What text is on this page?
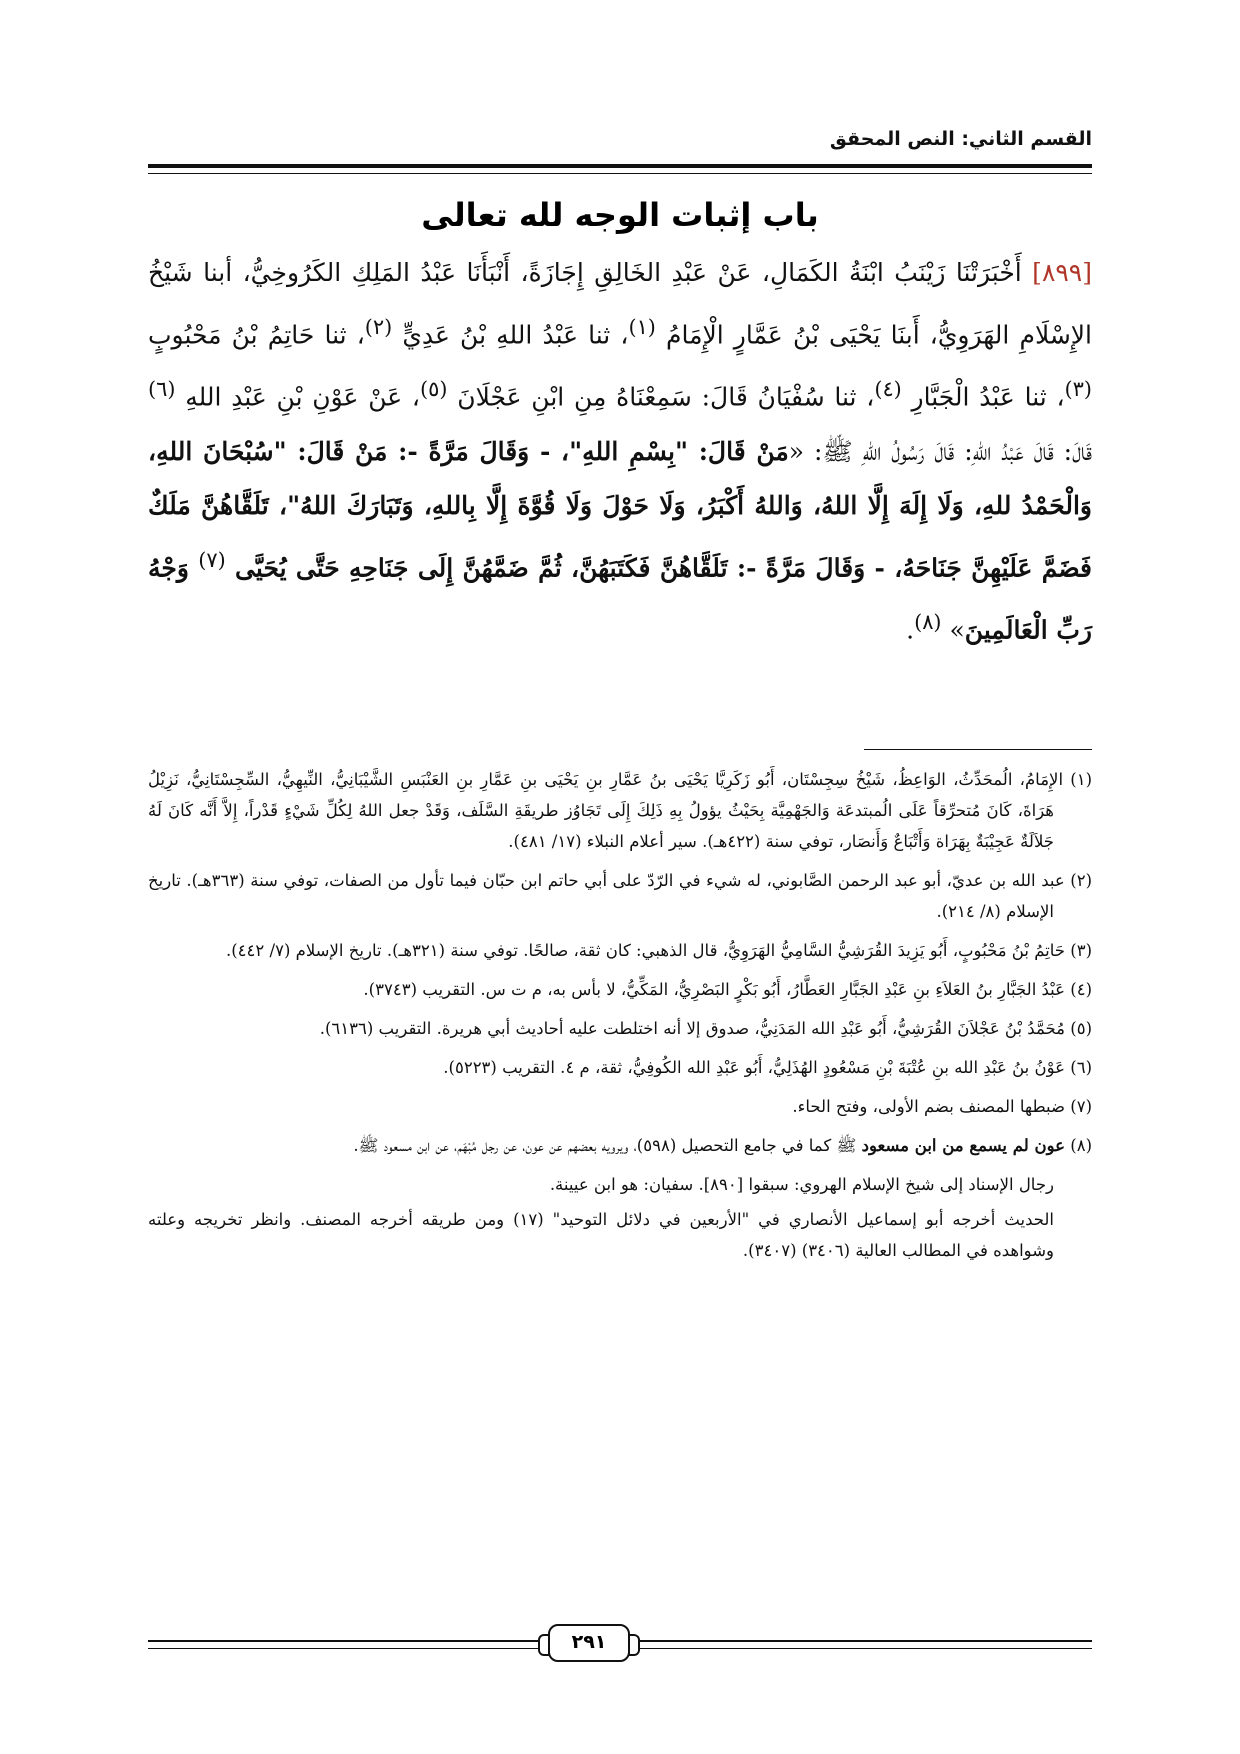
القسم الثاني: النص المحقق
باب إثبات الوجه لله تعالى
[٨٩٩] أَخْبَرَتْنَا زَيْنَبُ ابْنَةُ الكَمَالِ، عَنْ عَبْدِ الخَالِقِ إِجَازَةً، أَنْبَأَنَا عَبْدُ المَلِكِ الكَرُوخِيُّ، أبنا شَيْخُ الإِسْلَامِ الهَرَوِيُّ، أَبنَا يَحْيَى بْنُ عَمَّارٍ الْإِمَامُ $^{(١)}$، ثنا عَبْدُ اللهِ بْنُ عَدِيٍّ $^{(٢)}$، ثنا حَاتِمُ بْنُ مَحْبُوبٍ $^{(٣)}$، ثنا عَبْدُ الْجَبَّارِ $^{(٤)}$، ثنا سُفْيَانُ قَالَ: سَمِعْنَاهُ مِنِ ابْنِ عَجْلَانَ $^{(٥)}$، عَنْ عَوْنِ بْنِ عَبْدِ اللهِ $^{(٦)}$ قَالَ: قَالَ عَبْدُ اللهِ: قَالَ رَسُولُ اللهِ ﷺ: «مَنْ قَالَ: "بِسْمِ اللهِ"، - وَقَالَ مَرَّةً -: مَنْ قَالَ: "سُبْحَانَ اللهِ، وَالْحَمْدُ للهِ، وَلَا إِلَهَ إِلَّا اللهُ، وَاللهُ أَكْبَرُ، وَلَا حَوْلَ وَلَا قُوَّةَ إِلَّا بِاللهِ، وَتَبَارَكَ اللهُ"، تَلَقَّاهُنَّ مَلَكٌ فَضَمَّ عَلَيْهِنَّ جَنَاحَهُ، - وَقَالَ مَرَّةً -: تَلَقَّاهُنَّ فَكَتَبَهُنَّ، ثُمَّ ضَمَّهُنَّ إِلَى جَنَاحِهِ حَتَّى يُحَيَّى $^{(٧)}$ وَجْهُ رَبِّ الْعَالَمِينَ» $^{(٨)}$.

(١) الإِمَامُ، الُمحَدِّثُ، الوَاعِظُ، شَيْخُ سِجِسْتَان، أَبُو زَكَرِيَّا يَحْيَى بنُ عَمَّارِ بنِ يَحْيَى بنِ عَمَّارِ بنِ العَنْبَسِ الشَّيْبَانِيُّ، النِّيهِيُّ، السِّجِسْتَانِيُّ، نَزِيْلُ هَرَاةَ، كَانَ مُتحرِّقاً عَلَى الُمبتدعَة وَالجَهْمِيَّة بِحَيْثُ يؤولُ بِهِ ذَلِكَ إِلَى تَجَاوُز طريقَةِ السَّلَف، وَقَدْ جعل اللهُ لِكُلِّ شَيْءٍ قَدْراً، إِلاَّ أَنَّه كَانَ لَهُ جَلاَلَةٌ عَجِيْبَةٌ بِهَرَاة وَأَتْبَاعٌ وَأَنصَار، توفي سنة (٤٢٢هـ). سير أعلام النبلاء (١٧/ ٤٨١).

(٢) عبد الله بن عديّ، أبو عبد الرحمن الصَّابوني، له شيء في الرّدّ على أبي حاتم ابن حبّان فيما تأول من الصفات، توفي سنة (٣٦٣هـ). تاريخ الإسلام (٨/ ٢١٤).

(٣) حَاتِمُ بْنُ مَحْبُوبٍ، أَبُو يَزِيدَ القُرَشِيُّ السَّامِيُّ الهَرَوِيُّ، قال الذهبي: كان ثقة، صالحًا. توفي سنة (٣٢١هـ). تاريخ الإسلام (٧/ ٤٤٢).

(٤) عَبْدُ الجَبَّارِ بنُ العَلاَءِ بنِ عَبْدِ الجَبَّارِ العَطَّارُ، أَبُو بَكْرٍ البَصْرِيُّ، المَكِّيُّ، لا بأس به، م ت س. التقريب (٣٧٤٣).

(٥) مُحَمَّدُ بْنُ عَجْلاَنَ القُرَشِيُّ، أَبُو عَبْدِ الله المَدَنِيُّ، صدوق إلا أنه اختلطت عليه أحاديث أبي هريرة. التقريب (٦١٣٦).

(٦) عَوْنُ بنُ عَبْدِ الله بنِ عُتْبَةَ بْنِ مَسْعُودٍ الهُذَلِيُّ، أَبُو عَبْدِ الله الكُوفِيُّ، ثقة، م ٤. التقريب (٥٢٢٣).

(٧) ضبطها المصنف بضم الأولى، وفتح الحاء.

(٨) عون لم يسمع من ابن مسعود ﷺ كما في جامع التحصيل (٥٩٨)، ويرويه بعضهم عن عون، عن رجل مُبْهَم، عن ابن مسعود ﷺ.

رجال الإسناد إلى شيخ الإسلام الهروي: سبقوا [٨٩٠]. سفيان: هو ابن عيينة.

الحديث أخرجه أبو إسماعيل الأنصاري في "الأربعين في دلائل التوحيد" (١٧) ومن طريقه أخرجه المصنف. وانظر تخريجه وعلته وشواهده في المطالب العالية (٣٤٠٦) (٣٤٠٧).

٢٩١
